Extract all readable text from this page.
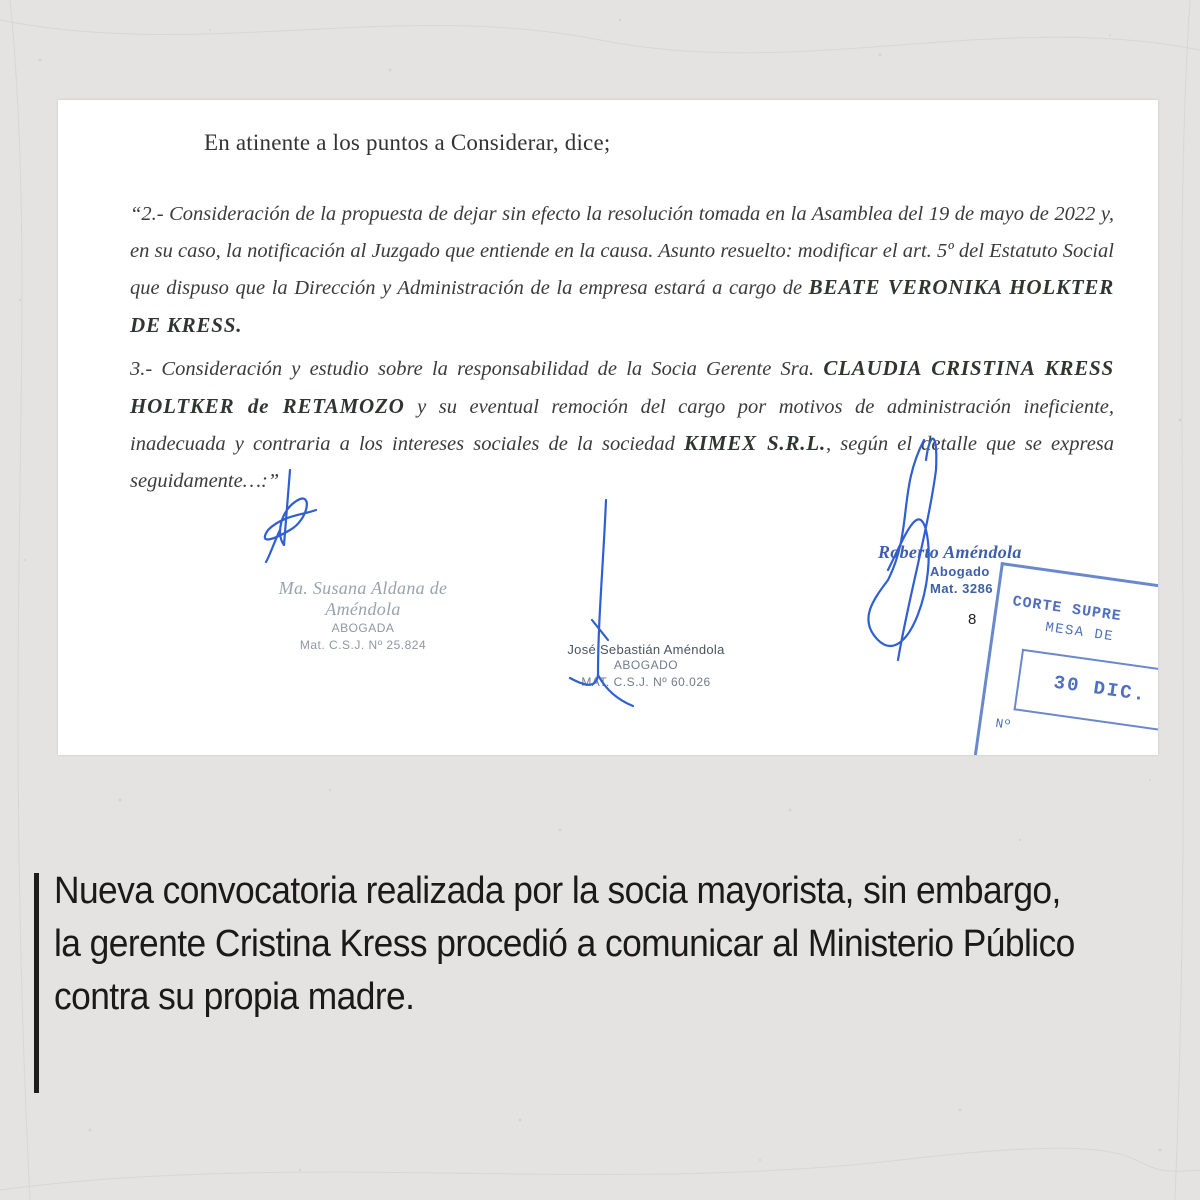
En atinente a los puntos a Considerar, dice;

“2.- Consideración de la propuesta de dejar sin efecto la resolución tomada en la Asamblea del 19 de mayo de 2022 y, en su caso, la notificación al Juzgado que entiende en la causa. Asunto resuelto: modificar el art. 5º del Estatuto Social que dispuso que la Dirección y Administración de la empresa estará a cargo de BEATE VERONIKA HOLKTER DE KRESS.

3.- Consideración y estudio sobre la responsabilidad de la Socia Gerente Sra. CLAUDIA CRISTINA KRESS HOLTKER de RETAMOZO y su eventual remoción del cargo por motivos de administración ineficiente, inadecuada y contraria a los intereses sociales de la sociedad KIMEX S.R.L., según el detalle que se expresa seguidamente…:”

Ma. Susana Aldana de Améndola
ABOGADA
Mat. C.S.J. Nº 25.824	José Sebastián Améndola
ABOGADO
MAT. C.S.J. Nº 60.026
Roberto Améndola
Abogado
Mat. 3286

8 CORTE SUPRE
MESA DE
30 DIC.
Nº

Nueva convocatoria realizada por la socia mayorista, sin embargo, la gerente Cristina Kress procedió a comunicar al Ministerio Público contra su propia madre.
